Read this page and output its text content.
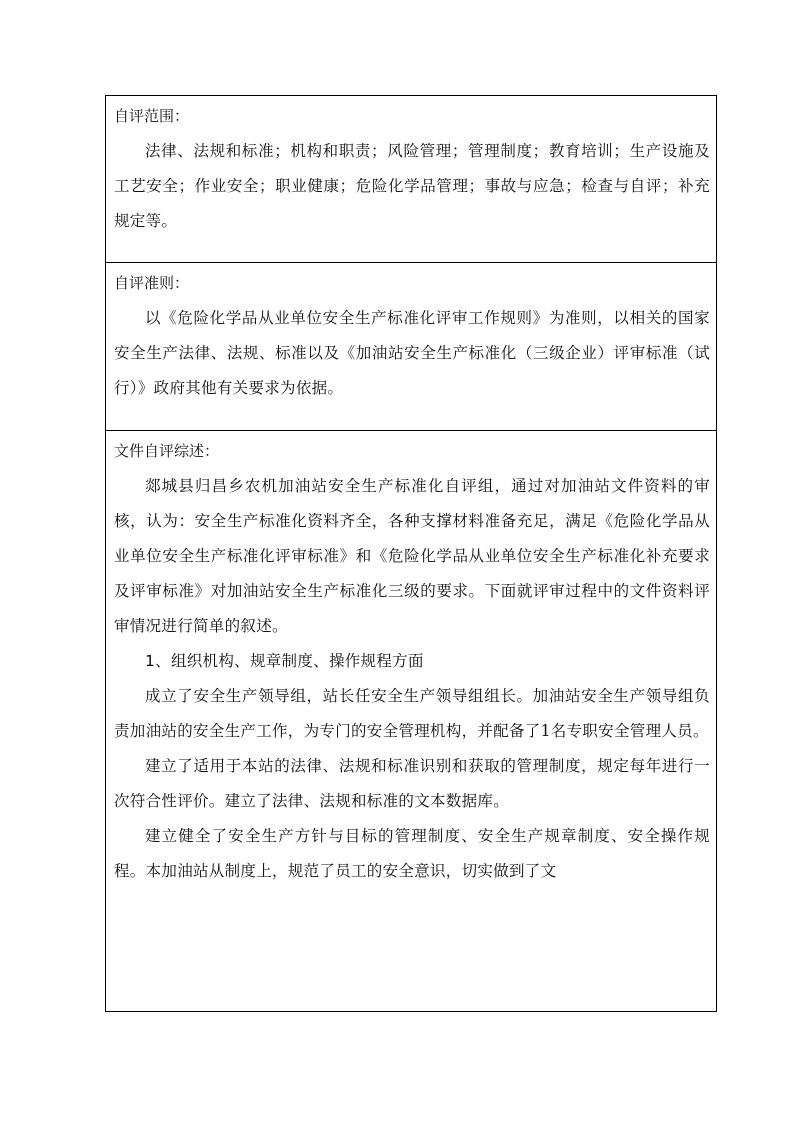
自评范围：

法律、法规和标准；机构和职责；风险管理；管理制度；教育培训；生产设施及工艺安全；作业安全；职业健康；危险化学品管理；事故与应急；检查与自评；补充规定等。

自评准则：

以《危险化学品从业单位安全生产标准化评审工作规则》为准则，以相关的国家安全生产法律、法规、标准以及《加油站安全生产标准化（三级企业）评审标准（试行）》政府其他有关要求为依据。

文件自评综述：

郯城县归昌乡农机加油站安全生产标准化自评组，通过对加油站文件资料的审核，认为：安全生产标准化资料齐全，各种支撑材料准备充足，满足《危险化学品从业单位安全生产标准化评审标准》和《危险化学品从业单位安全生产标准化补充要求及评审标准》对加油站安全生产标准化三级的要求。下面就评审过程中的文件资料评审情况进行简单的叙述。

1、组织机构、规章制度、操作规程方面

成立了安全生产领导组，站长任安全生产领导组组长。加油站安全生产领导组负责加油站的安全生产工作，为专门的安全管理机构，并配备了1名专职安全管理人员。

建立了适用于本站的法律、法规和标准识别和获取的管理制度，规定每年进行一次符合性评价。建立了法律、法规和标准的文本数据库。

建立健全了安全生产方针与目标的管理制度、安全生产规章制度、安全操作规程。本加油站从制度上，规范了员工的安全意识，切实做到了文
